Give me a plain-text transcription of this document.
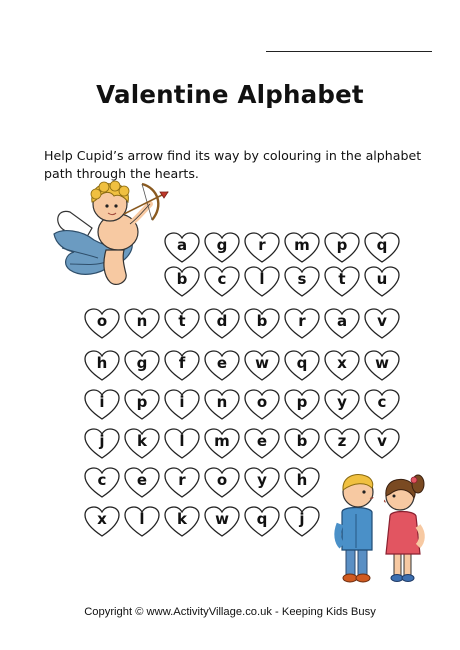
Valentine Alphabet
Help Cupid’s arrow find its way by colouring in the alphabet path through the hearts.
a	g	r	m	p	q
b	c	l	s	t	u
o	n	t	d	b	r	a	v
h	g	f	e	w	q	x	w
i	p	i	n	o	p	y	c
j	k	l	m	e	b	z	v
c	e	r	o	y	h
x	l	k	w	q	j
Copyright © www.ActivityVillage.co.uk - Keeping Kids Busy
